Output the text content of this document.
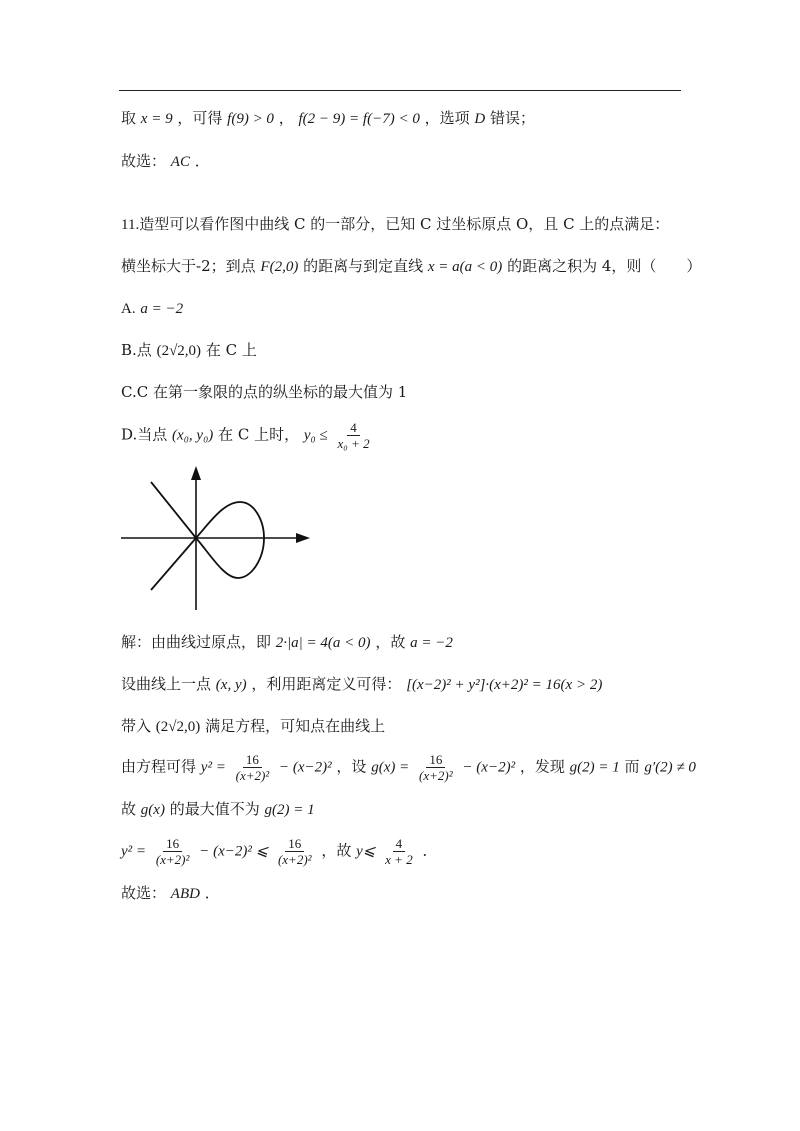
取 x = 9 ，可得 f(9) > 0 ， f(2 − 9) = f(−7) < 0 ，选项 D 错误；
故选： AC ．
11.造型可以看作图中曲线 C 的一部分，已知 C 过坐标原点 O，且 C 上的点满足：
横坐标大于-2；到点 F(2,0) 的距离与到定直线 x = a(a < 0) 的距离之积为 4，则（　　）
A. a = −2
B.点 (2√2,0) 在 C 上
C.C 在第一象限的点的纵坐标的最大值为 1
D.当点 (x₀, y₀) 在 C 上时， $y_0 \le \frac{4}{\text{x₀ + 2}}$
解：由曲线过原点，即 2·|a| = 4(a < 0) ，故 a = −2
设曲线上一点 (x, y) ，利用距离定义可得： [(x−2)² + y²]·(x+2)² = 16(x > 2)
带入 (2√2,0) 满足方程，可知点在曲线上
由方程可得 $y^2 = \frac{16}{\text{(x+2)²}} - (x-2)^2$ ，设 $g(x) = \frac{16}{\text{(x+2)²}} - (x-2)^2$ ，发现 g(2) = 1 而 g′(2) ≠ 0
故 g(x) 的最大值不为 g(2) = 1
$y^2 = \frac{16}{\text{(x+2)²}} - (x-2)^2$ ⩽ $\frac{16}{\text{(x+2)²}}$ ，故 y⩽ $\frac{4}{x + 2}$ ．
故选： ABD ．
